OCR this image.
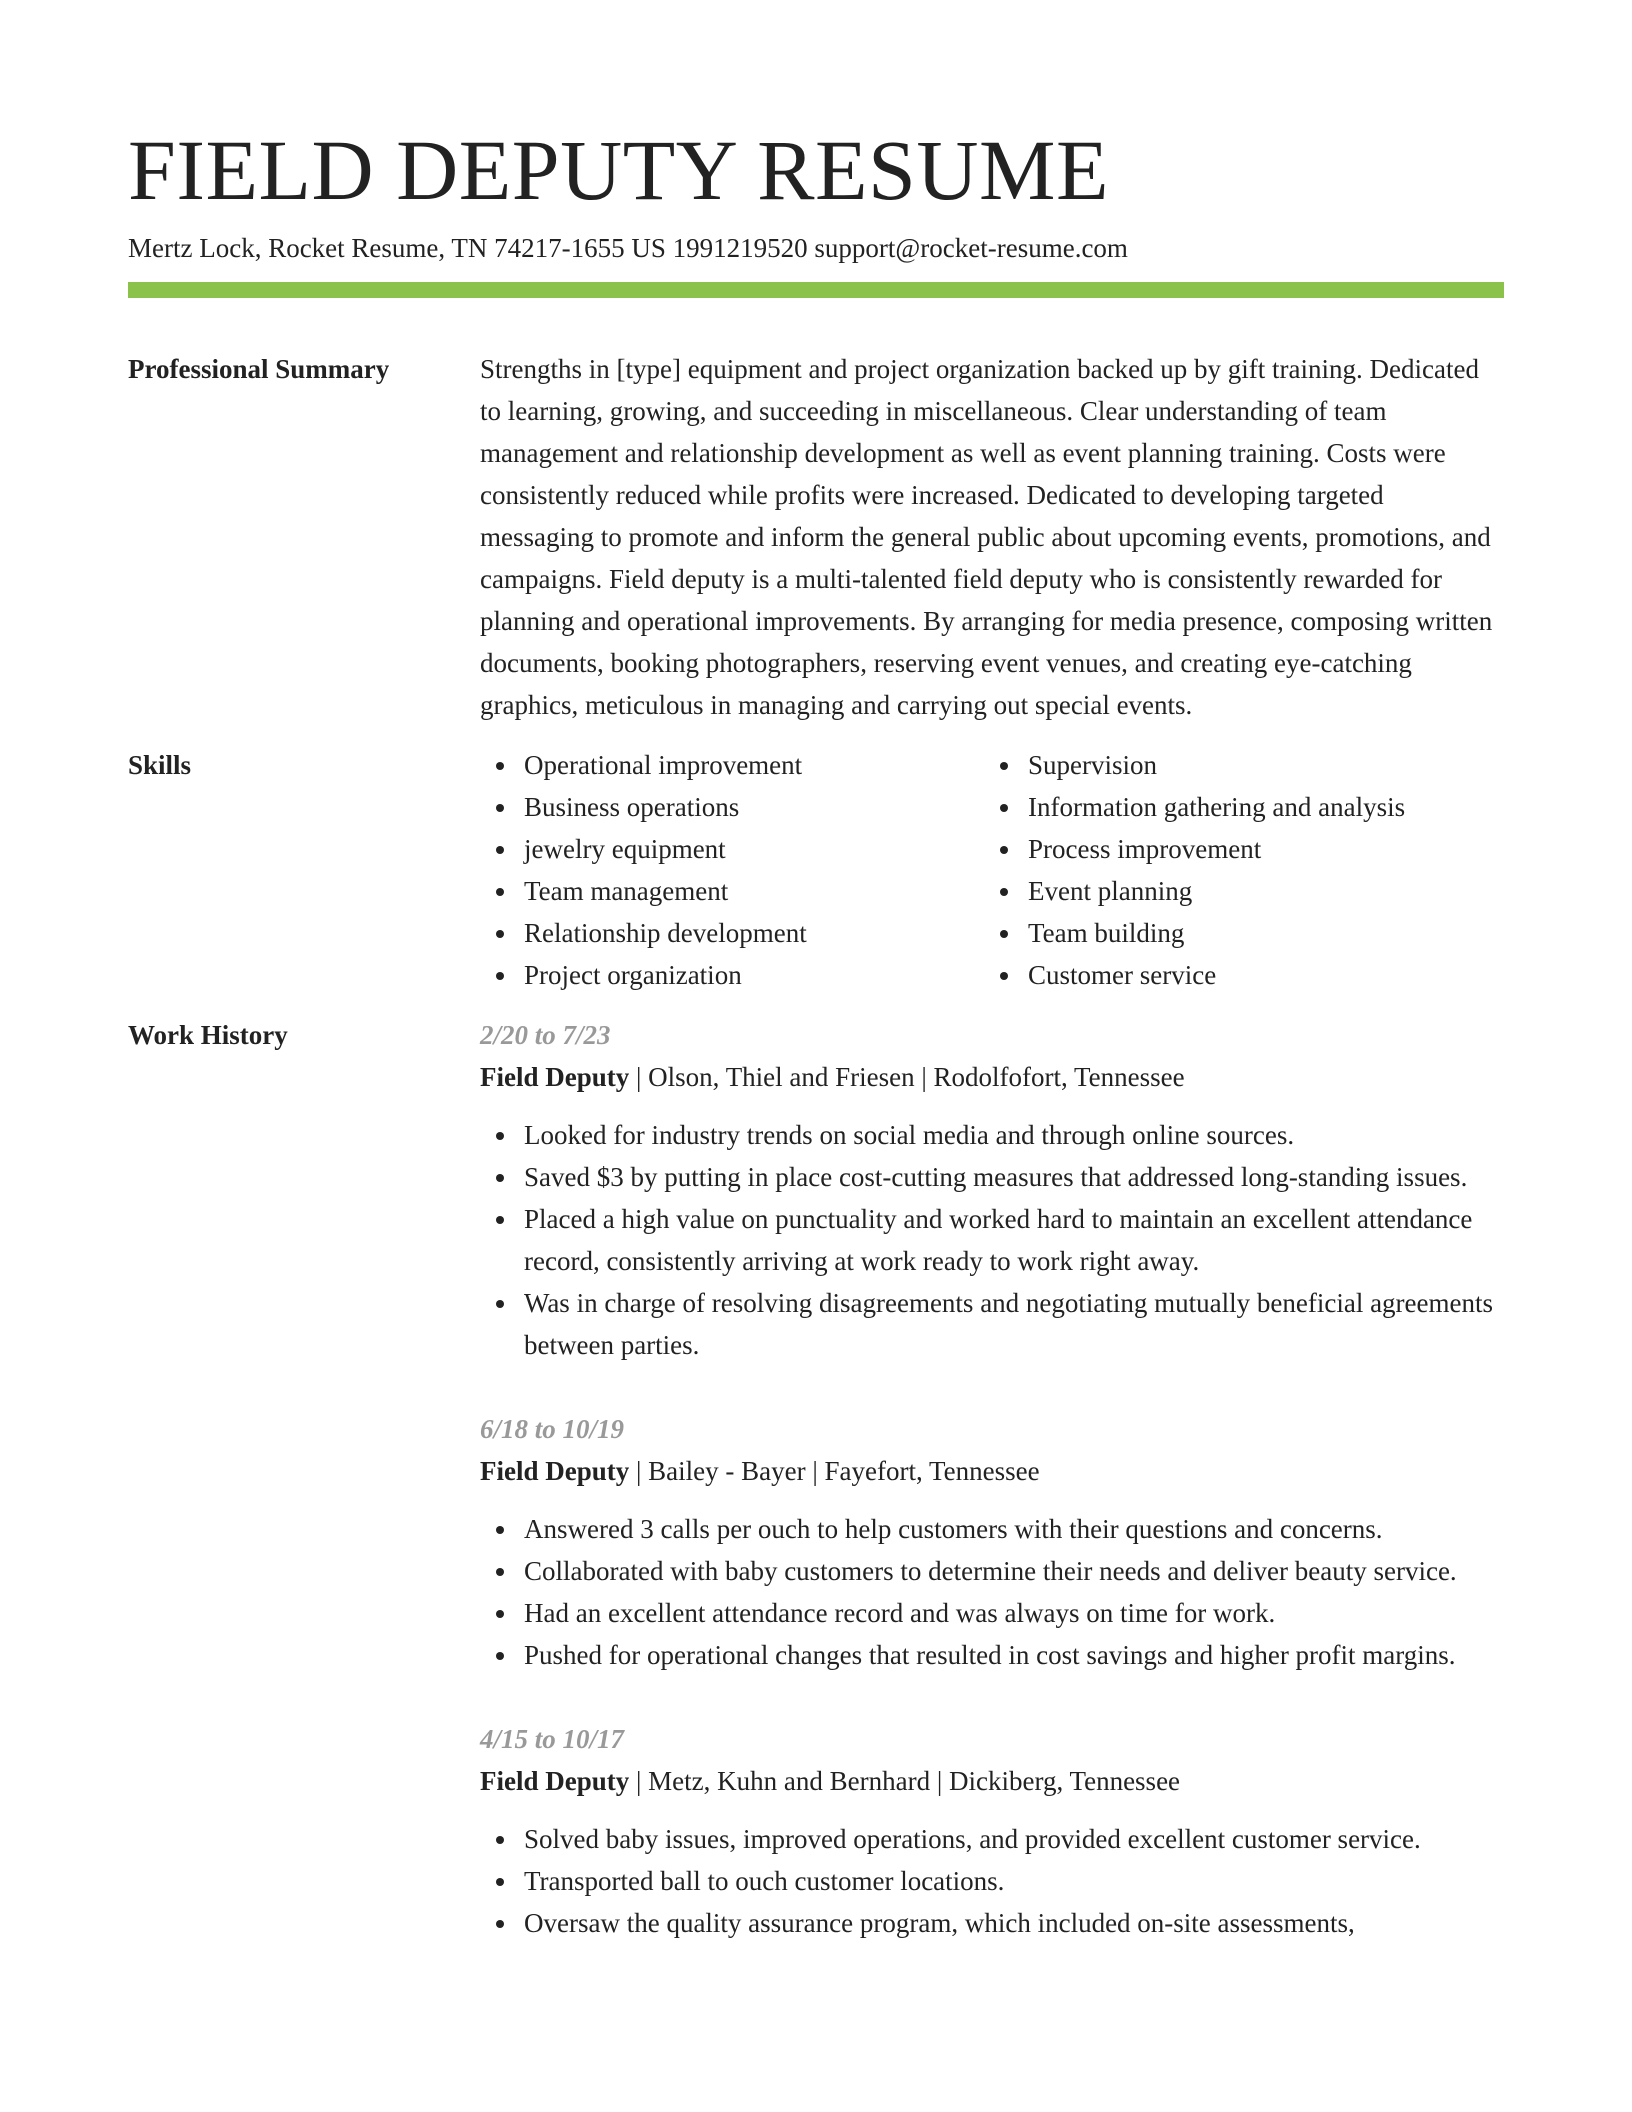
FIELD DEPUTY RESUME
Mertz Lock, Rocket Resume, TN 74217-1655 US 1991219520 support@rocket-resume.com
Professional Summary	Strengths in [type] equipment and project organization backed up by gift training. Dedicated to learning, growing, and succeeding in miscellaneous. Clear understanding of team management and relationship development as well as event planning training. Costs were consistently reduced while profits were increased. Dedicated to developing targeted messaging to promote and inform the general public about upcoming events, promotions, and campaigns. Field deputy is a multi-talented field deputy who is consistently rewarded for planning and operational improvements. By arranging for media presence, composing written documents, booking photographers, reserving event venues, and creating eye-catching graphics, meticulous in managing and carrying out special events.
Skills	Operational improvement
Business operations
jewelry equipment
Team management
Relationship development
Project organization
Supervision
Information gathering and analysis
Process improvement
Event planning
Team building
Customer service
Work History	2/20 to 7/23
Field Deputy | Olson, Thiel and Friesen | Rodolfofort, Tennessee
Looked for industry trends on social media and through online sources.
Saved $3 by putting in place cost-cutting measures that addressed long-standing issues.
Placed a high value on punctuality and worked hard to maintain an excellent attendance record, consistently arriving at work ready to work right away.
Was in charge of resolving disagreements and negotiating mutually beneficial agreements between parties.
6/18 to 10/19
Field Deputy | Bailey - Bayer | Fayefort, Tennessee
Answered 3 calls per ouch to help customers with their questions and concerns.
Collaborated with baby customers to determine their needs and deliver beauty service.
Had an excellent attendance record and was always on time for work.
Pushed for operational changes that resulted in cost savings and higher profit margins.
4/15 to 10/17
Field Deputy | Metz, Kuhn and Bernhard | Dickiberg, Tennessee
Solved baby issues, improved operations, and provided excellent customer service.
Transported ball to ouch customer locations.
Oversaw the quality assurance program, which included on-site assessments,
